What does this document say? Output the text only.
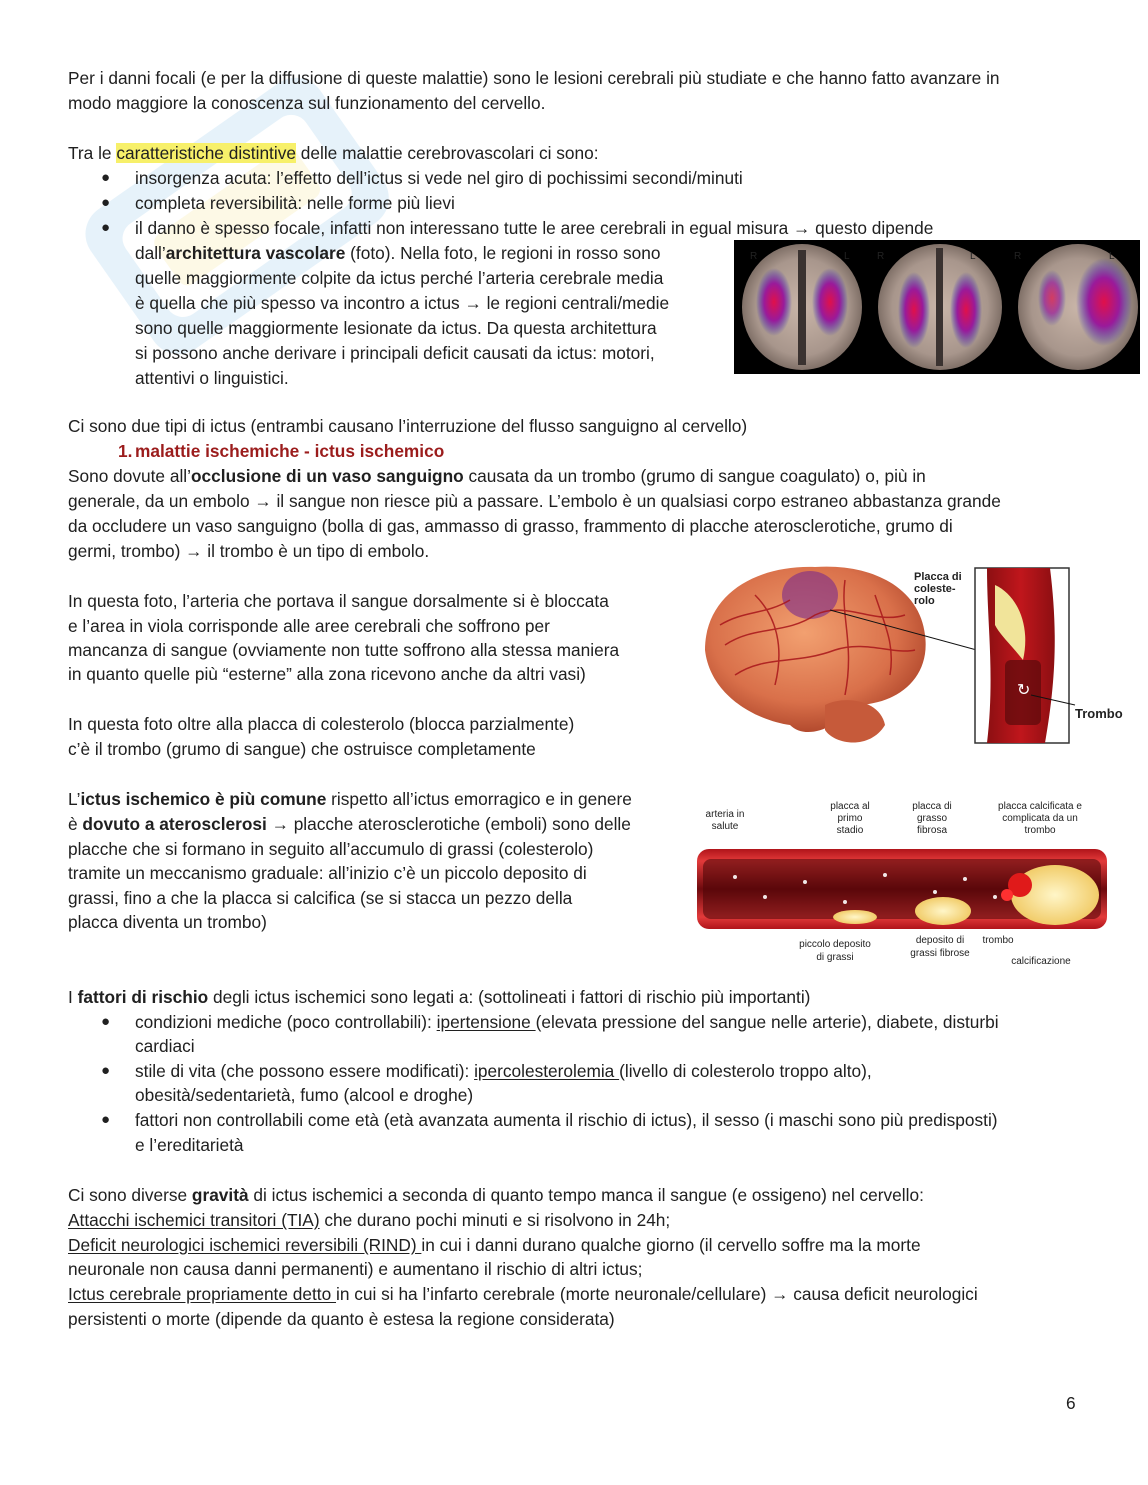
Per i danni focali (e per la diffusione di queste malattie) sono le lesioni cerebrali più studiate e che hanno fatto avanzare in
modo maggiore la conoscenza sul funzionamento del cervello.
Tra le caratteristiche distintive delle malattie cerebrovascolari ci sono:
● insorgenza acuta: l’effetto dell’ictus si vede nel giro di pochissimi secondi/minuti
● completa reversibilità: nelle forme più lievi
● il danno è spesso focale, infatti non interessano tutte le aree cerebrali in egual misura → questo dipende
dall’architettura vascolare (foto). Nella foto, le regioni in rosso sono
quelle maggiormente colpite da ictus perché l’arteria cerebrale media
è quella che più spesso va incontro a ictus → le regioni centrali/medie
sono quelle maggiormente lesionate da ictus. Da questa architettura
si possono anche derivare i principali deficit causati da ictus: motori,
attentivi o linguistici.
R	L	R	L	R	L
Ci sono due tipi di ictus (entrambi causano l’interruzione del flusso sanguigno al cervello)
1. malattie ischemiche - ictus ischemico
Sono dovute all’occlusione di un vaso sanguigno causata da un trombo (grumo di sangue coagulato) o, più in
generale, da un embolo → il sangue non riesce più a passare. L’embolo è un qualsiasi corpo estraneo abbastanza grande
da occludere un vaso sanguigno (bolla di gas, ammasso di grasso, frammento di placche aterosclerotiche, grumo di
germi, trombo) → il trombo è un tipo di embolo.
In questa foto, l’arteria che portava il sangue dorsalmente si è bloccata
e l’area in viola corrisponde alle aree cerebrali che soffrono per
mancanza di sangue (ovviamente non tutte soffrono alla stessa maniera
in quanto quelle più “esterne” alla zona ricevono anche da altri vasi)
In questa foto oltre alla placca di colesterolo (blocca parzialmente)
c’è il trombo (grumo di sangue) che ostruisce completamente
↻
Placca di
coleste-
rolo
Trombo
L’ictus ischemico è più comune rispetto all’ictus emorragico e in genere
è dovuto a aterosclerosi → placche aterosclerotiche (emboli) sono delle
placche che si formano in seguito all’accumulo di grassi (colesterolo)
tramite un meccanismo graduale: all’inizio c’è un piccolo deposito di
grassi, fino a che la placca si calcifica (se si stacca un pezzo della
placca diventa un trombo)
arteria in
salute
placca al
primo
stadio
placca di
grasso
fibrosa
placca calcificata e
complicata da un
trombo
piccolo deposito
di grassi
deposito di
grassi fibrose
trombo
calcificazione
I fattori di rischio degli ictus ischemici sono legati a: (sottolineati i fattori di rischio più importanti)
● condizioni mediche (poco controllabili): ipertensione (elevata pressione del sangue nelle arterie), diabete, disturbi
cardiaci
● stile di vita (che possono essere modificati): ipercolesterolemia (livello di colesterolo troppo alto),
obesità/sedentarietà, fumo (alcool e droghe)
● fattori non controllabili come età (età avanzata aumenta il rischio di ictus), il sesso (i maschi sono più predisposti)
e l’ereditarietà
Ci sono diverse gravità di ictus ischemici a seconda di quanto tempo manca il sangue (e ossigeno) nel cervello:
Attacchi ischemici transitori (TIA) che durano pochi minuti e si risolvono in 24h;
Deficit neurologici ischemici reversibili (RIND) in cui i danni durano qualche giorno (il cervello soffre ma la morte
neuronale non causa danni permanenti) e aumentano il rischio di altri ictus;
Ictus cerebrale propriamente detto in cui si ha l’infarto cerebrale (morte neuronale/cellulare) → causa deficit neurologici
persistenti o morte (dipende da quanto è estesa la regione considerata)
6
